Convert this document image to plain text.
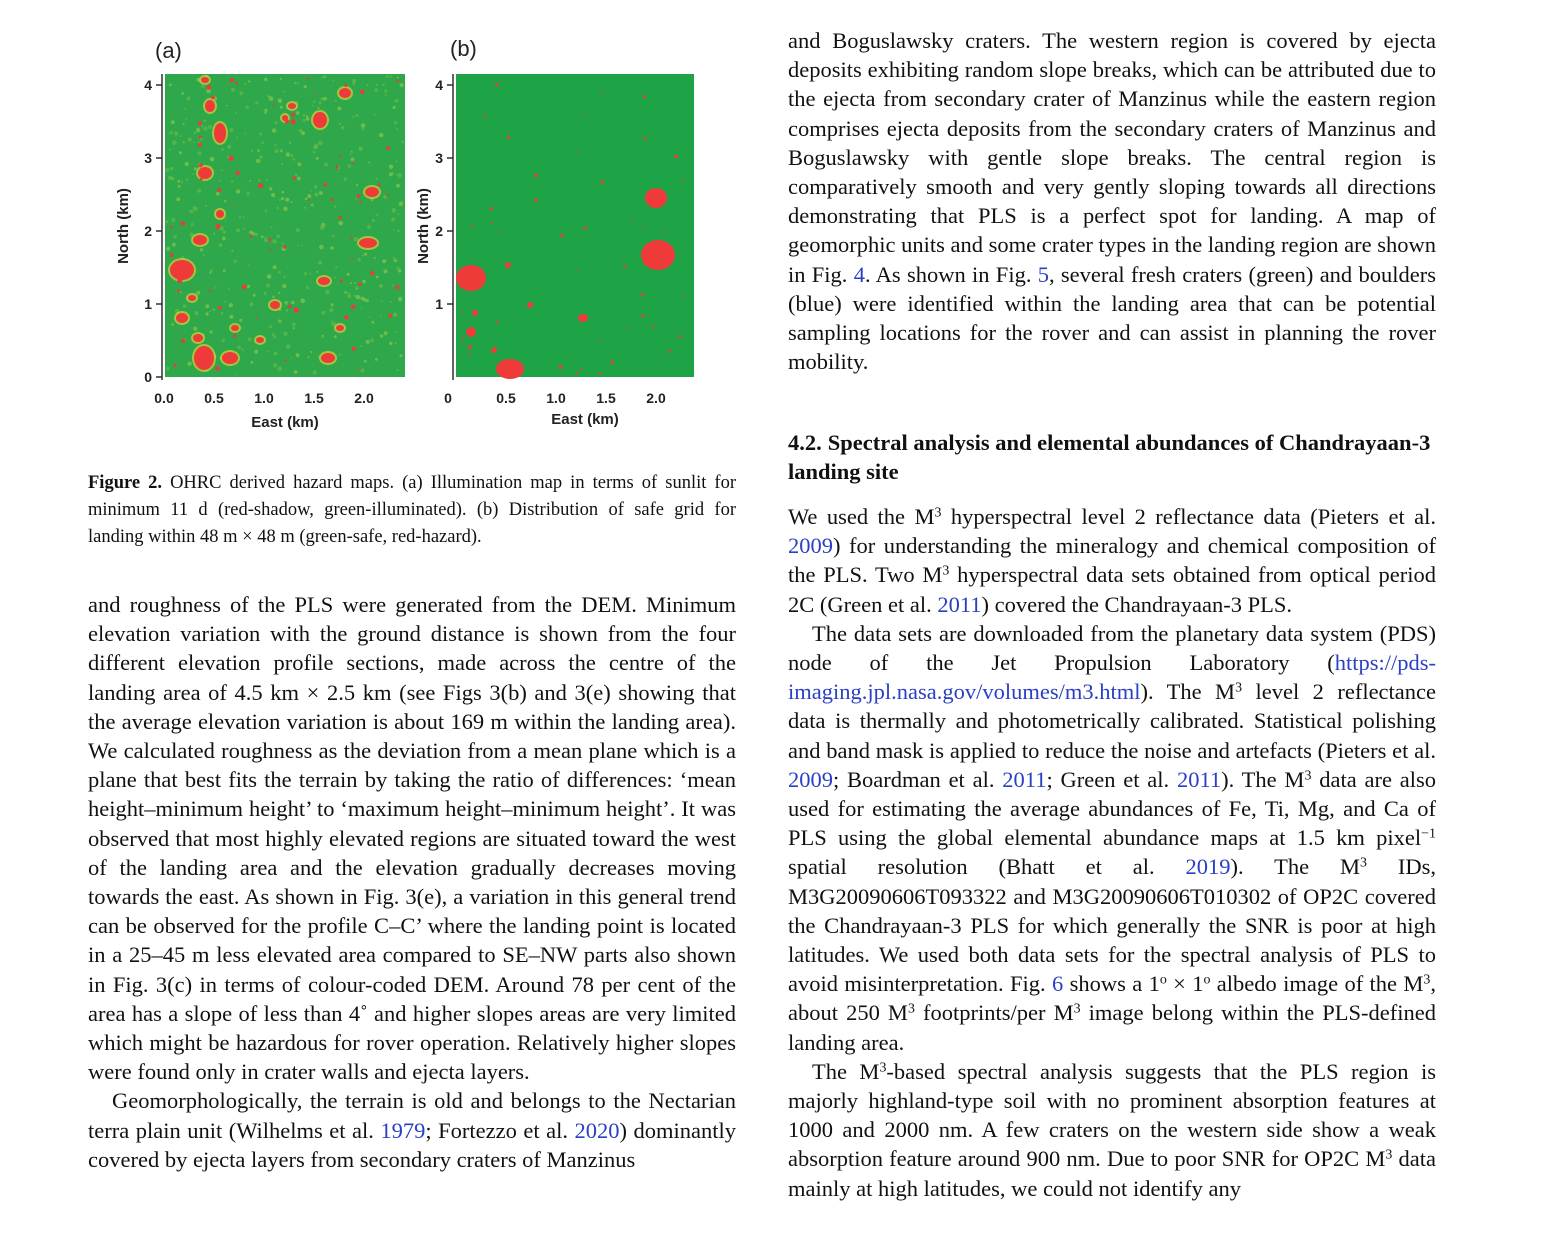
(a)
0
1
2
3
4
0.0 0.5 1.0 1.5 2.0
North (km)
East (km)
(b)
1
2
3
4
0	0.5 1.0 1.5 2.0
North (km)
East (km)
Figure 2. OHRC derived hazard maps. (a) Illumination map in terms of sunlit for minimum 11 d (red-shadow, green-illuminated). (b) Distribution of safe grid for landing within 48 m × 48 m (green-safe, red-hazard).

and roughness of the PLS were generated from the DEM. Minimum elevation variation with the ground distance is shown from the four different elevation profile sections, made across the centre of the landing area of 4.5 km × 2.5 km (see Figs 3(b) and 3(e) showing that the average elevation variation is about 169 m within the landing area). We calculated roughness as the deviation from a mean plane which is a plane that best fits the terrain by taking the ratio of differences: ‘mean height–minimum height’ to ‘maximum height–minimum height’. It was observed that most highly elevated regions are situated toward the west of the landing area and the elevation gradually decreases moving towards the east. As shown in Fig. 3(e), a variation in this general trend can be observed for the profile C–C’ where the landing point is located in a 25–45 m less elevated area compared to SE–NW parts also shown in Fig. 3(c) in terms of colour-coded DEM. Around 78 per cent of the area has a slope of less than 4˚ and higher slopes areas are very limited which might be hazardous for rover operation. Relatively higher slopes were found only in crater walls and ejecta layers.

Geomorphologically, the terrain is old and belongs to the Nectarian terra plain unit (Wilhelms et al. 1979; Fortezzo et al. 2020) dominantly covered by ejecta layers from secondary craters of Manzinus

and Boguslawsky craters. The western region is covered by ejecta deposits exhibiting random slope breaks, which can be attributed due to the ejecta from secondary crater of Manzinus while the eastern region comprises ejecta deposits from the secondary craters of Manzinus and Boguslawsky with gentle slope breaks. The central region is comparatively smooth and very gently sloping towards all directions demonstrating that PLS is a perfect spot for landing. A map of geomorphic units and some crater types in the landing region are shown in Fig. 4. As shown in Fig. 5, several fresh craters (green) and boulders (blue) were identified within the landing area that can be potential sampling locations for the rover and can assist in planning the rover mobility.

4.2. Spectral analysis and elemental abundances of Chandrayaan-3 landing site

We used the $M^3$ hyperspectral level 2 reflectance data (Pieters et al. 2009) for understanding the mineralogy and chemical composition of the PLS. Two $M^3$ hyperspectral data sets obtained from optical period 2C (Green et al. 2011) covered the Chandrayaan-3 PLS.

The data sets are downloaded from the planetary data system (PDS) node of the Jet Propulsion Laboratory (https://pds-imaging.jpl.nasa.gov/volumes/m3.html). The $M^3$ level 2 reflectance data is thermally and photometrically calibrated. Statistical polishing and band mask is applied to reduce the noise and artefacts (Pieters et al. 2009; Boardman et al. 2011; Green et al. 2011). The $M^3$ data are also used for estimating the average abundances of Fe, Ti, Mg, and Ca of PLS using the global elemental abundance maps at 1.5 km pixel$^{-1}$ spatial resolution (Bhatt et al. 2019). The $M^3$ IDs, M3G20090606T093322 and M3G20090606T010302 of OP2C covered the Chandrayaan-3 PLS for which generally the SNR is poor at high latitudes. We used both data sets for the spectral analysis of PLS to avoid misinterpretation. Fig. 6 shows a $1^o \times 1^o$ albedo image of the $M^3$, about 250 $M^3$ footprints/per $M^3$ image belong within the PLS-defined landing area.

The $M^3$-based spectral analysis suggests that the PLS region is majorly highland-type soil with no prominent absorption features at 1000 and 2000 nm. A few craters on the western side show a weak absorption feature around 900 nm. Due to poor SNR for OP2C $M^3$ data mainly at high latitudes, we could not identify any
